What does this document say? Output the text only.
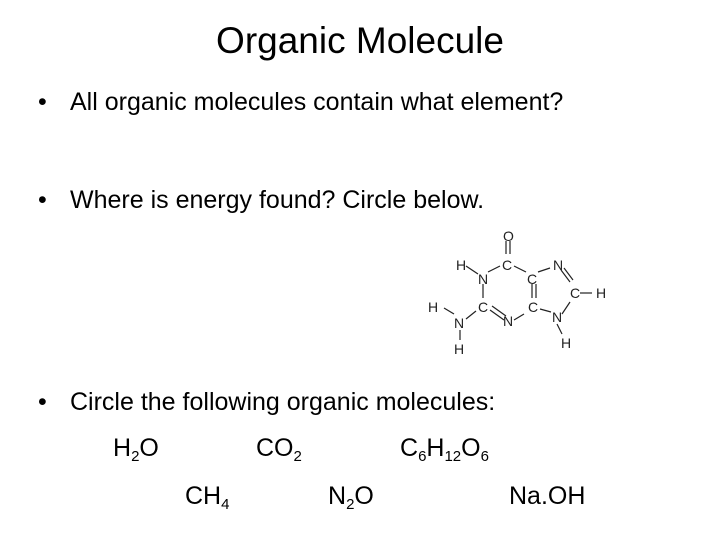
Organic Molecule
• All organic molecules contain what element?
• Where is energy found? Circle below.
O
H
N
C
C
N
C H
H
N
C
N
C
N
H	H
• Circle the following organic molecules:
$H_2O$	$CO_2$	$C_6H_{12}O_6$
$CH_4$	$N_2O$	Na.OH
